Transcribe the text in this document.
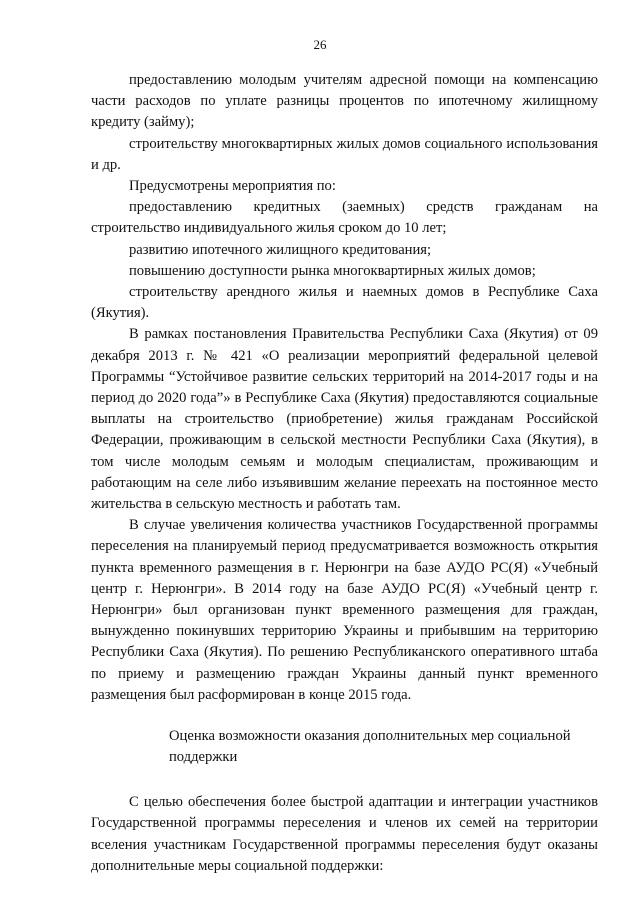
26

предоставлению молодым учителям адресной помощи на компенсацию части расходов по уплате разницы процентов по ипотечному жилищному кредиту (займу);

строительству многоквартирных жилых домов социального использования и др.

Предусмотрены мероприятия по:

предоставлению кредитных (заемных) средств гражданам на строительство индивидуального жилья сроком до 10 лет;

развитию ипотечного жилищного кредитования;

повышению доступности рынка многоквартирных жилых домов;

строительству арендного жилья и наемных домов в Республике Саха (Якутия).

В рамках постановления Правительства Республики Саха (Якутия) от 09 декабря 2013 г. № 421 «О реализации мероприятий федеральной целевой Программы “Устойчивое развитие сельских территорий на 2014-2017 годы и на период до 2020 года”» в Республике Саха (Якутия) предоставляются социальные выплаты на строительство (приобретение) жилья гражданам Российской Федерации, проживающим в сельской местности Республики Саха (Якутия), в том числе молодым семьям и молодым специалистам, проживающим и работающим на селе либо изъявившим желание переехать на постоянное место жительства в сельскую местность и работать там.

В случае увеличения количества участников Государственной программы переселения на планируемый период предусматривается возможность открытия пункта временного размещения в г. Нерюнгри на базе АУДО РС(Я) «Учебный центр г. Нерюнгри». В 2014 году на базе АУДО РС(Я) «Учебный центр г. Нерюнгри» был организован пункт временного размещения для граждан, вынужденно покинувших территорию Украины и прибывшим на территорию Республики Саха (Якутия). По решению Республиканского оперативного штаба по приему и размещению граждан Украины данный пункт временного размещения был расформирован в конце 2015 года.

Оценка возможности оказания дополнительных мер социальной

поддержки

С целью обеспечения более быстрой адаптации и интеграции участников Государственной программы переселения и членов их семей на территории вселения участникам Государственной программы переселения будут оказаны дополнительные меры социальной поддержки:
